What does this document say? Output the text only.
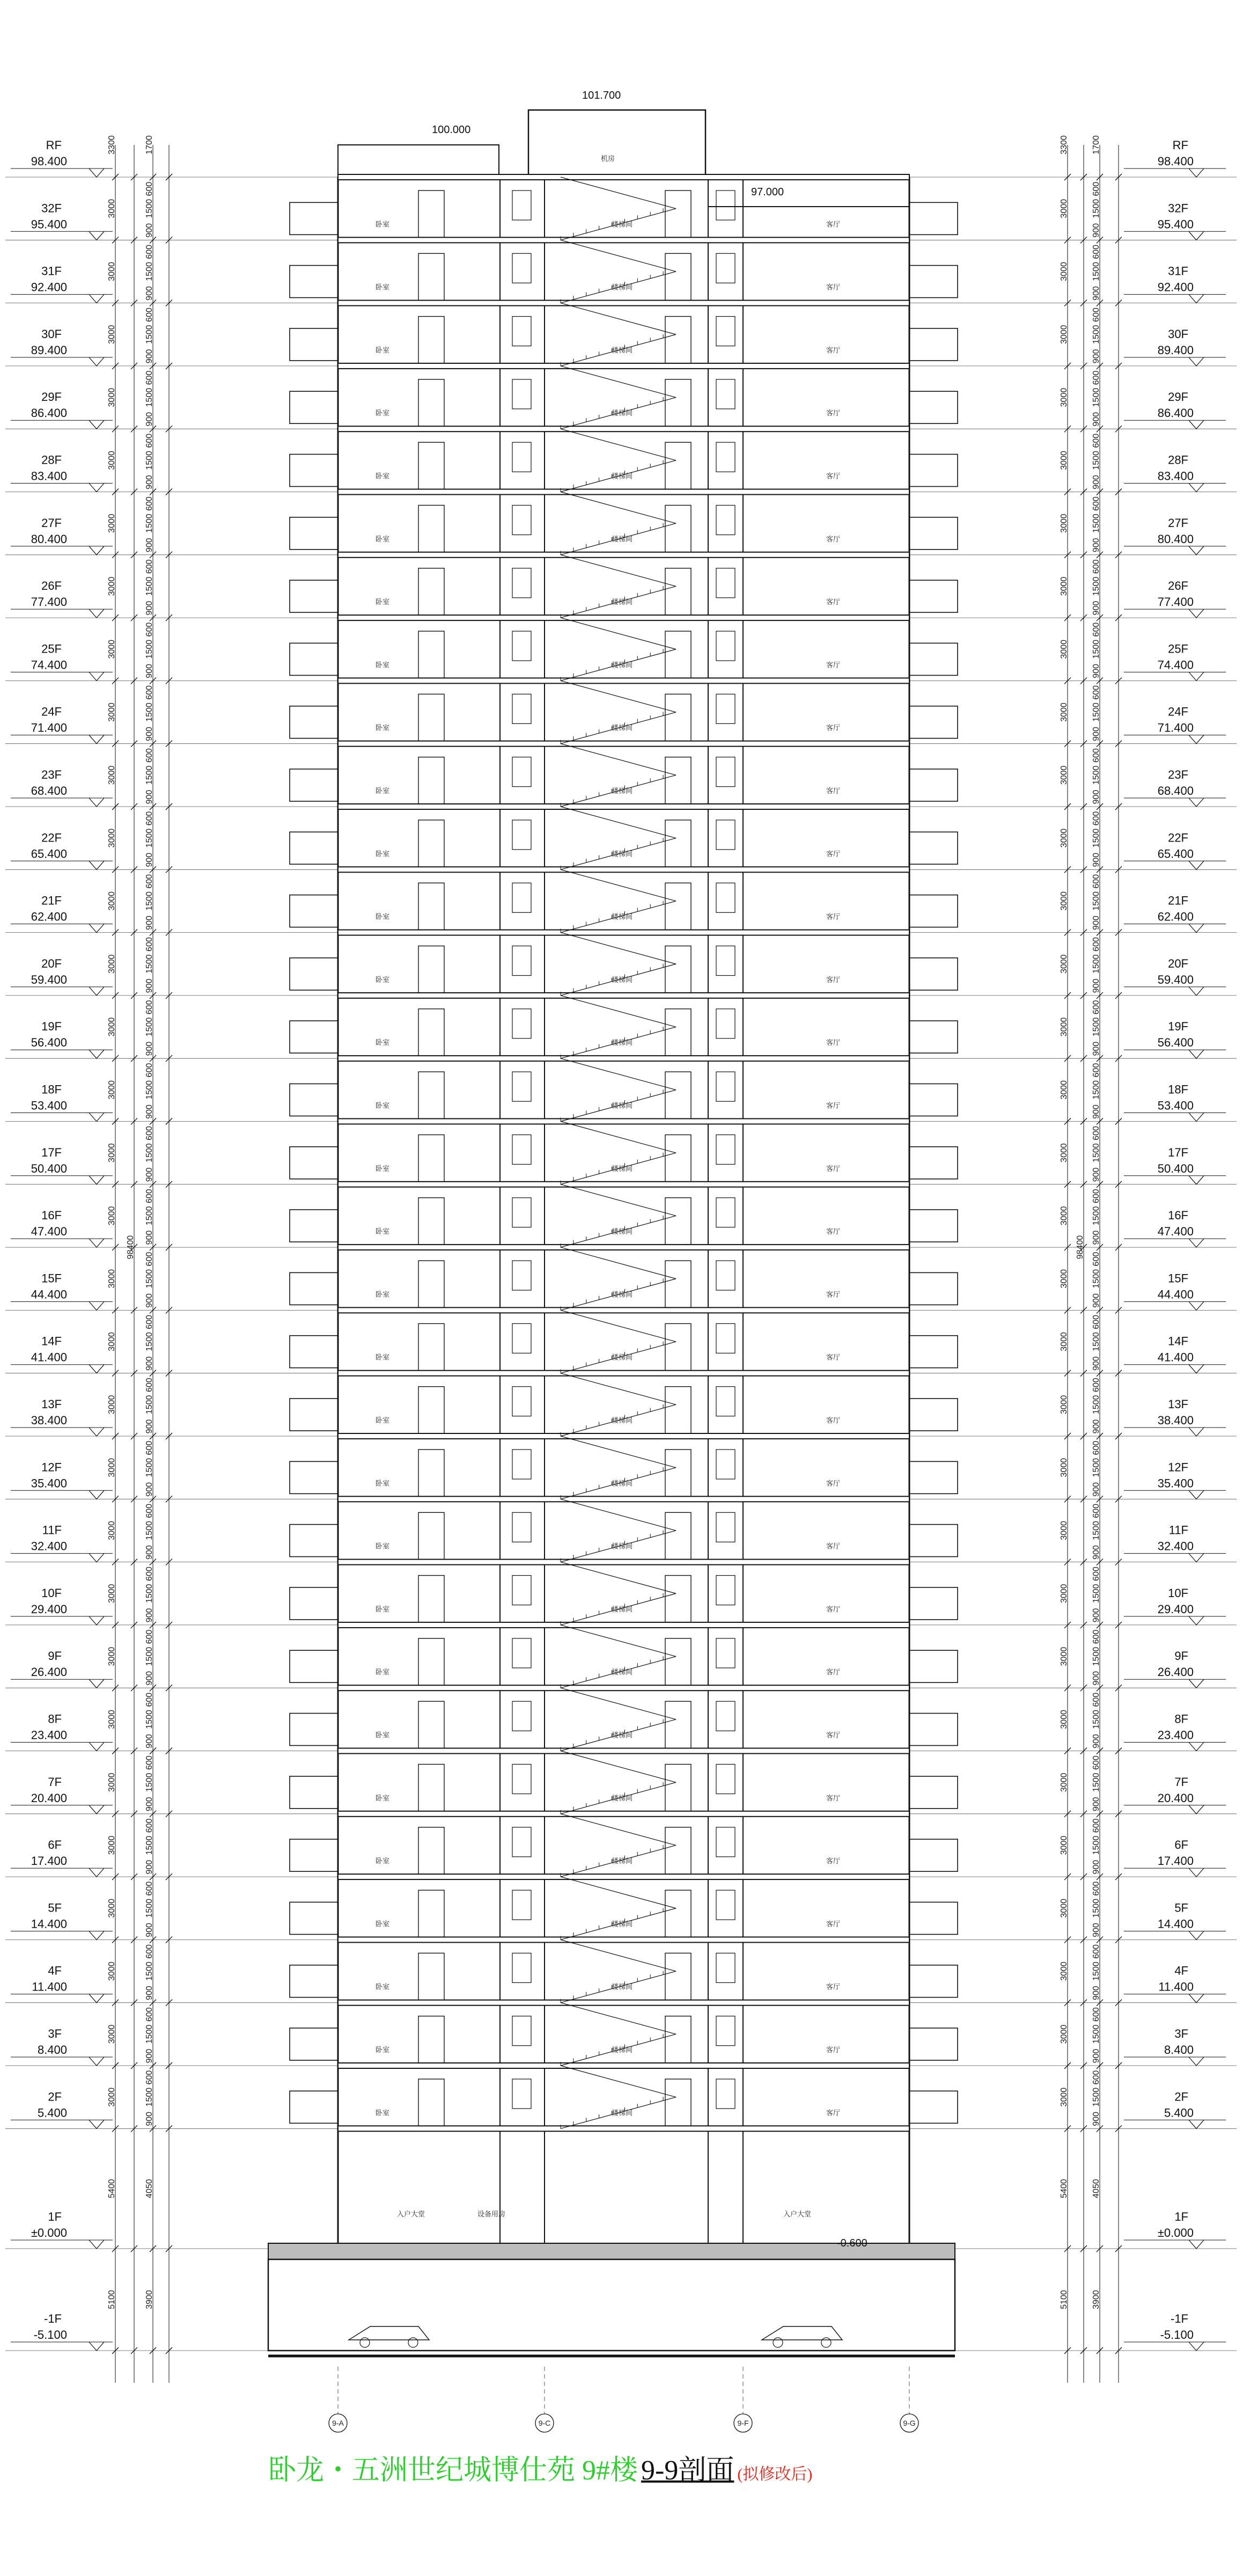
卧室	客厅
楼梯间
卧室	客厅
楼梯间
卧室	客厅
楼梯间
卧室	客厅
楼梯间
卧室	客厅
楼梯间
卧室	客厅
楼梯间
卧室	客厅
楼梯间
卧室	客厅
楼梯间
卧室	客厅
楼梯间
卧室	客厅
楼梯间
卧室	客厅
楼梯间
卧室	客厅
楼梯间
卧室	客厅
楼梯间
卧室	客厅
楼梯间
卧室	客厅
楼梯间
卧室	客厅
楼梯间
卧室	客厅
楼梯间
卧室	客厅
楼梯间
卧室	客厅
楼梯间
卧室	客厅
楼梯间
卧室	客厅
楼梯间
卧室	客厅
楼梯间
卧室	客厅
楼梯间
卧室	客厅
楼梯间
卧室	客厅
楼梯间
卧室	客厅
楼梯间
卧室	客厅
楼梯间
卧室	客厅
楼梯间
卧室	客厅
楼梯间
卧室	客厅
楼梯间
卧室	客厅
楼梯间
入户大堂	入户大堂
设备用房
机房
RF
98.400
32F
95.400
31F
92.400
30F
89.400
29F
86.400
28F
83.400
27F
80.400
26F
77.400
25F
74.400
24F
71.400
23F
68.400
22F
65.400
21F
62.400
20F
59.400
19F
56.400
18F
53.400
17F
50.400
16F
47.400
15F
44.400
14F
41.400
13F
38.400
12F
35.400
11F
32.400
10F
29.400
9F
26.400
8F
23.400
7F
20.400
6F
17.400
5F
14.400
4F
11.400
3F
8.400
2F
5.400
1F
±0.000
-1F
-5.100
3000
900
1500
600
3000
900
1500
600
3000
900
1500
600
3000
900
1500
600
3000
900
1500
600
3000
900
1500
600
3000
900
1500
600
3000
900
1500
600
3000
900
1500
600
3000
900
1500
600
3000
900
1500
600
3000
900
1500
600
3000
900
1500
600
3000
900
1500
600
3000
900
1500
600
3000
900
1500
600
3000
900
1500
600
3000
900
1500
600
3000
900
1500
600
3000
900
1500
600
3000
900
1500
600
3000
900
1500
600
3000
900
1500
600
3000
900
1500
600
3000
900
1500
600
3000
900
1500
600
3000
900
1500
600
3000
900
1500
600
3000
900
1500
600
3000
900
1500
600
3000
900
1500
600
5400	4050
5100	3900
3300	1700
98400
RF
98.400
32F
95.400
31F
92.400
30F
89.400
29F
86.400
28F
83.400
27F
80.400
26F
77.400
25F
74.400
24F
71.400
23F
68.400
22F
65.400
21F
62.400
20F
59.400
19F
56.400
18F
53.400
17F
50.400
16F
47.400
15F
44.400
14F
41.400
13F
38.400
12F
35.400
11F
32.400
10F
29.400
9F
26.400
8F
23.400
7F
20.400
6F
17.400
5F
14.400
4F
11.400
3F
8.400
2F
5.400
1F
±0.000
-1F
-5.100
3000
900
1500
600
3000
900
1500
600
3000
900
1500
600
3000
900
1500
600
3000
900
1500
600
3000
900
1500
600
3000
900
1500
600
3000
900
1500
600
3000
900
1500
600
3000
900
1500
600
3000
900
1500
600
3000
900
1500
600
3000
900
1500
600
3000
900
1500
600
3000
900
1500
600
3000
900
1500
600
3000
900
1500
600
3000
900
1500
600
3000
900
1500
600
3000
900
1500
600
3000
900
1500
600
3000
900
1500
600
3000
900
1500
600
3000
900
1500
600
3000
900
1500
600
3000
900
1500
600
3000
900
1500
600
3000
900
1500
600
3000
900
1500
600
3000
900
1500
600
3000
900
1500
600
5400	4050
5100	3900
3300	1700
98400
9-A	9-C	9-F	9-G
101.700
100.000
97.000
-0.600
卧龙・五洲世纪城博仕苑 9#楼 9-9剖面 (拟修改后)
